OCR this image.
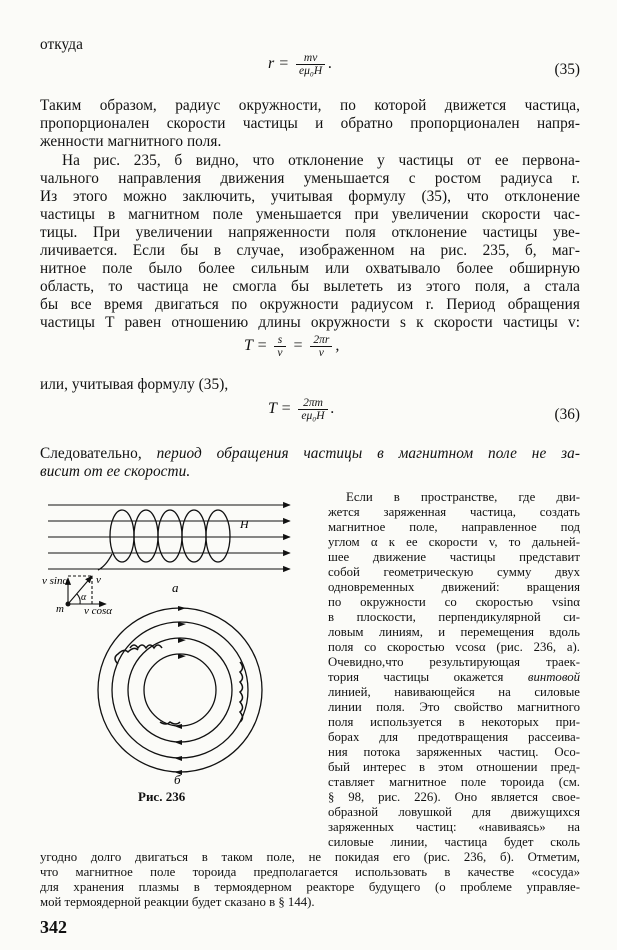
откуда
$r = \frac{mv}{\text{eμ₀H}}$ .	(35)
Таким образом, радиус окружности, по которой движется частица,
пропорционален скорости частицы и обратно пропорционален напря-
женности магнитного поля.
На рис. 235, б видно, что отклонение y частицы от ее первона-
чального направления движения уменьшается с ростом радиуса r.
Из этого можно заключить, учитывая формулу (35), что отклонение
частицы в магнитном поле уменьшается при увеличении скорости час-
тицы. При увеличении напряженности поля отклонение частицы уве-
личивается. Если бы в случае, изображенном на рис. 235, б, маг-
нитное поле было более сильным или охватывало более обширную
область, то частица не смогла бы вылететь из этого поля, а стала
бы все время двигаться по окружности радиусом r. Период обращения
частицы T равен отношению длины окружности s к скорости частицы v:
$T = \frac{s}{v} = \frac{2\pi r}{v}$ ,
или, учитывая формулу (35),
$T = \frac{2\pi m}{\text{eμ₀H}}$ .	(36)
Следовательно, период обращения частицы в магнитном поле не за-
висит от ее скорости.
H
v sinα	v
α
m v cosα
а
б
Рис. 236
Если в пространстве, где дви-
жется заряженная частица, создать
магнитное поле, направленное под
углом α к ее скорости v, то дальней-
шее движение частицы представит
собой геометрическую сумму двух
одновременных движений: вращения
по окружности со скоростью vsinα
в плоскости, перпендикулярной си-
ловым линиям, и перемещения вдоль
поля со скоростью vcosα (рис. 236, а).
Очевидно,что результирующая траек-
тория частицы окажется винтовой
линией, навивающейся на силовые
линии поля. Это свойство магнитного
поля используется в некоторых при-
борах для предотвращения рассеива-
ния потока заряженных частиц. Осо-
бый интерес в этом отношении пред-
ставляет магнитное поле тороида (см.
§ 98, рис. 226). Оно является свое-
образной ловушкой для движущихся
заряженных частиц: «навиваясь» на
силовые линии, частица будет сколь
угодно долго двигаться в таком поле, не покидая его (рис. 236, б). Отметим,
что магнитное поле тороида предполагается использовать в качестве «сосуда»
для хранения плазмы в термоядерном реакторе будущего (о проблеме управляе-
мой термоядерной реакции будет сказано в § 144).
342
